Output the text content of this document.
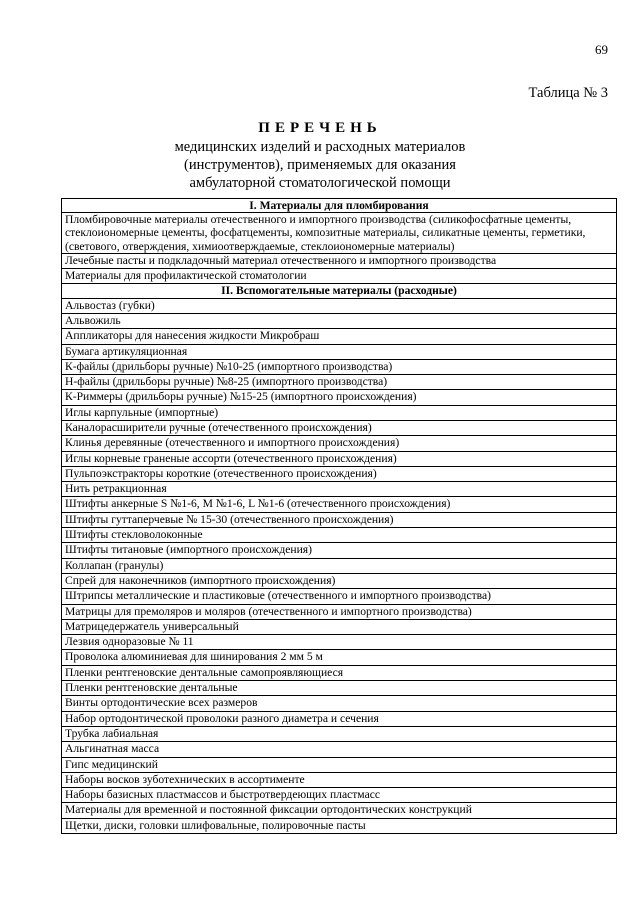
69
Таблица № 3
ПЕРЕЧЕНЬ
медицинских изделий и расходных материалов
(инструментов), применяемых для оказания
амбулаторной стоматологической помощи
I. Материалы для пломбирования
Пломбировочные материалы отечественного и импортного производства (силикофосфатные цементы, стеклоиономерные цементы, фосфатцементы, композитные материалы, силикатные цементы, герметики, (светового, отверждения, химиоотверждаемые, стеклоиономерные материалы)
Лечебные пасты и подкладочный материал отечественного и импортного производства
Материалы для профилактической стоматологии
II. Вспомогательные материалы (расходные)
Альвостаз (губки)
Альвожиль
Аппликаторы для нанесения жидкости Микробраш
Бумага артикуляционная
К-файлы (дрильборы ручные) №10-25 (импортного производства)
Н-файлы (дрильборы ручные) №8-25 (импортного производства)
К-Риммеры (дрильборы ручные) №15-25 (импортного происхождения)
Иглы карпульные (импортные)
Каналорасширители ручные (отечественного происхождения)
Клинья деревянные (отечественного и импортного происхождения)
Иглы корневые граненые ассорти (отечественного происхождения)
Пульпоэкстракторы короткие (отечественного происхождения)
Нить ретракционная
Штифты анкерные S №1-6, M №1-6, L №1-6 (отечественного происхождения)
Штифты гуттаперчевые № 15-30 (отечественного происхождения)
Штифты стекловолоконные
Штифты титановые (импортного происхождения)
Коллапан (гранулы)
Спрей для наконечников (импортного происхождения)
Штрипсы металлические и пластиковые (отечественного и импортного производства)
Матрицы для премоляров и моляров (отечественного и импортного производства)
Матрицедержатель универсальный
Лезвия одноразовые № 11
Проволока алюминиевая для шинирования 2 мм 5 м
Пленки рентгеновские дентальные самопроявляющиеся
Пленки рентгеновские дентальные
Винты ортодонтические всех размеров
Набор ортодонтической проволоки разного диаметра и сечения
Трубка лабиальная
Альгинатная масса
Гипс медицинский
Наборы восков зуботехнических в ассортименте
Наборы базисных пластмассов и быстротвердеющих пластмасс
Материалы для временной и постоянной фиксации ортодонтических конструкций
Щетки, диски, головки шлифовальные, полировочные пасты
